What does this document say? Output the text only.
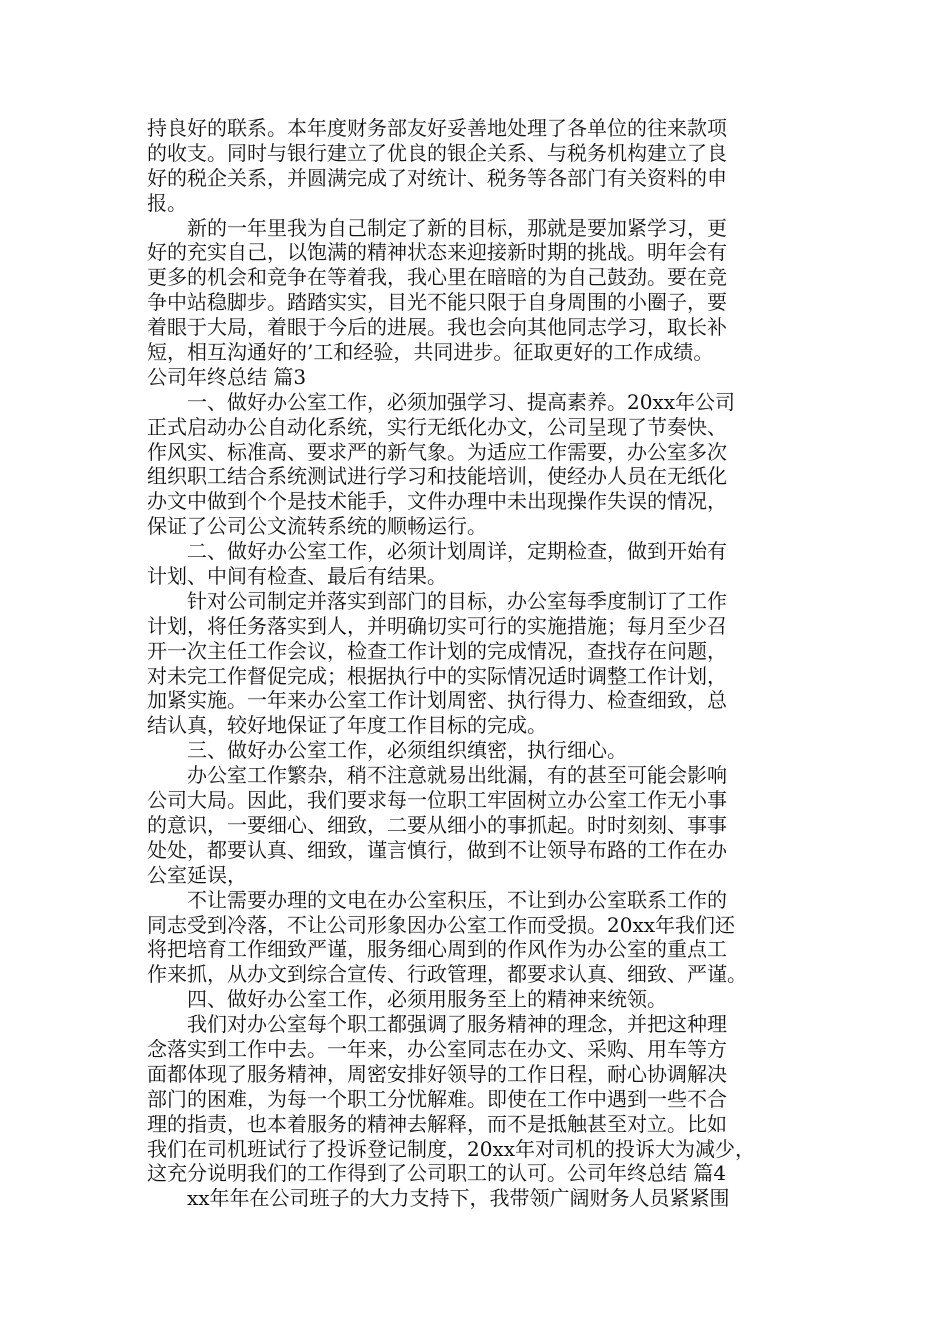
持良好的联系。本年度财务部友好妥善地处理了各单位的往来款项
的收支。同时与银行建立了优良的银企关系、与税务机构建立了良
好的税企关系，并圆满完成了对统计、税务等各部门有关资料的申
报。
　　新的一年里我为自己制定了新的目标，那就是要加紧学习，更
好的充实自己，以饱满的精神状态来迎接新时期的挑战。明年会有
更多的机会和竞争在等着我，我心里在暗暗的为自己鼓劲。要在竞
争中站稳脚步。踏踏实实，目光不能只限于自身周围的小圈子，要
着眼于大局，着眼于今后的进展。我也会向其他同志学习，取长补
短，相互沟通好的’工和经验，共同进步。征取更好的工作成绩。
公司年终总结 篇3
　　一、做好办公室工作，必须加强学习、提高素养。20xx年公司
正式启动办公自动化系统，实行无纸化办文，公司呈现了节奏快、
作风实、标准高、要求严的新气象。为适应工作需要，办公室多次
组织职工结合系统测试进行学习和技能培训，使经办人员在无纸化
办文中做到个个是技术能手，文件办理中未出现操作失误的情况，
保证了公司公文流转系统的顺畅运行。
　　二、做好办公室工作，必须计划周详，定期检查，做到开始有
计划、中间有检查、最后有结果。
　　针对公司制定并落实到部门的目标，办公室每季度制订了工作
计划，将任务落实到人，并明确切实可行的实施措施；每月至少召
开一次主任工作会议，检查工作计划的完成情况，查找存在问题，
对未完工作督促完成；根据执行中的实际情况适时调整工作计划，
加紧实施。一年来办公室工作计划周密、执行得力、检查细致，总
结认真，较好地保证了年度工作目标的完成。
　　三、做好办公室工作，必须组织缜密，执行细心。
　　办公室工作繁杂，稍不注意就易出纰漏，有的甚至可能会影响
公司大局。因此，我们要求每一位职工牢固树立办公室工作无小事
的意识，一要细心、细致，二要从细小的事抓起。时时刻刻、事事
处处，都要认真、细致，谨言慎行，做到不让领导布路的工作在办
公室延误，
　　不让需要办理的文电在办公室积压，不让到办公室联系工作的
同志受到冷落，不让公司形象因办公室工作而受损。20xx年我们还
将把培育工作细致严谨，服务细心周到的作风作为办公室的重点工
作来抓，从办文到综合宣传、行政管理，都要求认真、细致、严谨。
　　四、做好办公室工作，必须用服务至上的精神来统领。
　　我们对办公室每个职工都强调了服务精神的理念，并把这种理
念落实到工作中去。一年来，办公室同志在办文、采购、用车等方
面都体现了服务精神，周密安排好领导的工作日程，耐心协调解决
部门的困难，为每一个职工分忧解难。即使在工作中遇到一些不合
理的指责，也本着服务的精神去解释，而不是抵触甚至对立。比如
我们在司机班试行了投诉登记制度，20xx年对司机的投诉大为减少，
这充分说明我们的工作得到了公司职工的认可。公司年终总结 篇4
　　xx年年在公司班子的大力支持下，我带领广阔财务人员紧紧围
